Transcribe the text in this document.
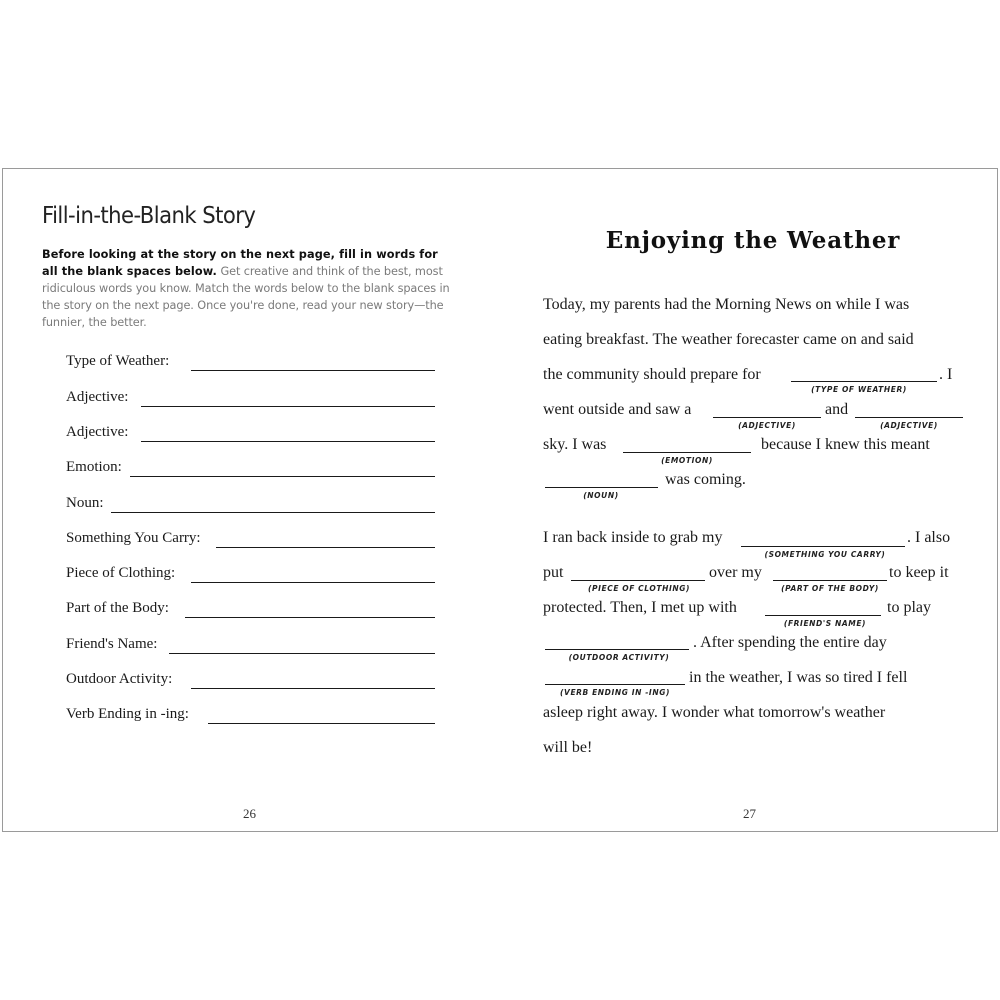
Fill-in-the-Blank Story
Before looking at the story on the next page, fill in words for
all the blank spaces below. Get creative and think of the best, most
ridiculous words you know. Match the words below to the blank spaces in
the story on the next page. Once you're done, read your new story—the
funnier, the better.
Type of Weather:
Adjective:
Adjective:
Emotion:
Noun:
Something You Carry:
Piece of Clothing:
Part of the Body:
Friend's Name:
Outdoor Activity:
Verb Ending in -ing:
26
Enjoying the Weather
Today, my parents had the Morning News on while I was
eating breakfast. The weather forecaster came on and said
the community should prepare for
(TYPE OF WEATHER)
. I
went outside and saw a
(ADJECTIVE)
and
(ADJECTIVE)
sky. I was
(EMOTION)
because I knew this meant
(NOUN)
was coming.
I ran back inside to grab my
(SOMETHING YOU CARRY)
. I also
put
(PIECE OF CLOTHING)
over my
(PART OF THE BODY)
to keep it
protected. Then, I met up with
(FRIEND'S NAME)
to play
(OUTDOOR ACTIVITY)
. After spending the entire day
(VERB ENDING IN -ING)
in the weather, I was so tired I fell
asleep right away. I wonder what tomorrow's weather
will be!
27
